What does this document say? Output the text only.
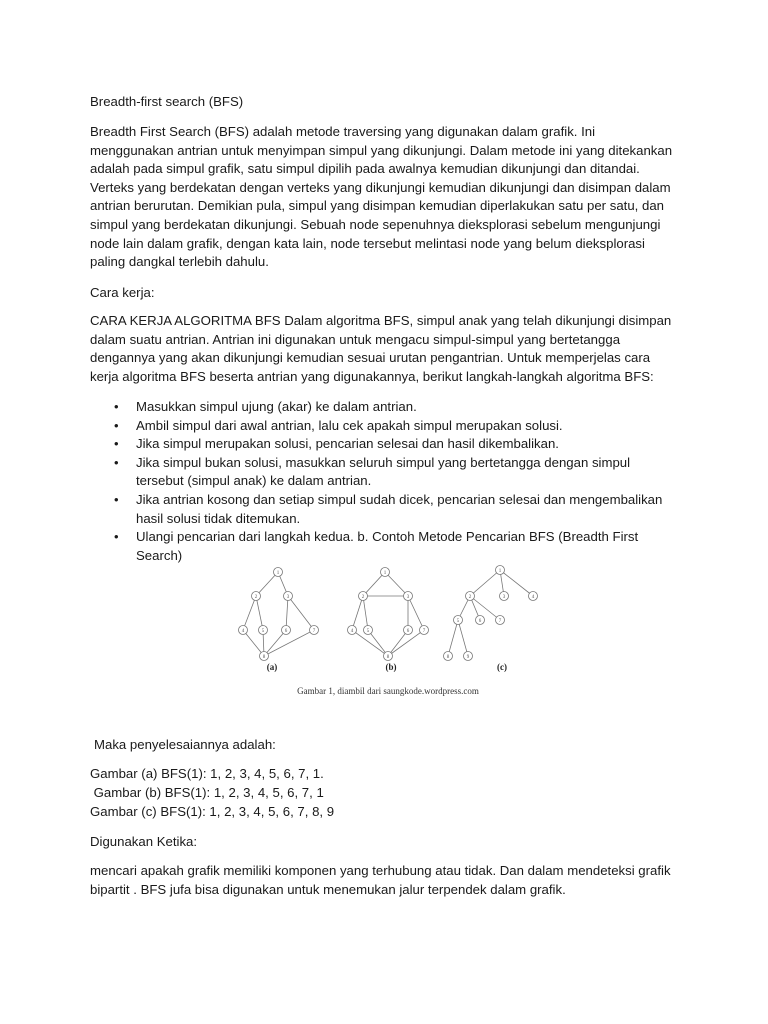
Breadth-first search (BFS)

Breadth First Search (BFS) adalah metode traversing yang digunakan dalam grafik. Ini menggunakan antrian untuk menyimpan simpul yang dikunjungi. Dalam metode ini yang ditekankan adalah pada simpul grafik, satu simpul dipilih pada awalnya kemudian dikunjungi dan ditandai. Verteks yang berdekatan dengan verteks yang dikunjungi kemudian dikunjungi dan disimpan dalam antrian berurutan. Demikian pula, simpul yang disimpan kemudian diperlakukan satu per satu, dan simpul yang berdekatan dikunjungi. Sebuah node sepenuhnya dieksplorasi sebelum mengunjungi node lain dalam grafik, dengan kata lain, node tersebut melintasi node yang belum dieksplorasi paling dangkal terlebih dahulu.

Cara kerja:

CARA KERJA ALGORITMA BFS Dalam algoritma BFS, simpul anak yang telah dikunjungi disimpan dalam suatu antrian. Antrian ini digunakan untuk mengacu simpul-simpul yang bertetangga dengannya yang akan dikunjungi kemudian sesuai urutan pengantrian. Untuk memperjelas cara kerja algoritma BFS beserta antrian yang digunakannya, berikut langkah-langkah algoritma BFS:

• Masukkan simpul ujung (akar) ke dalam antrian.
• Ambil simpul dari awal antrian, lalu cek apakah simpul merupakan solusi.
• Jika simpul merupakan solusi, pencarian selesai dan hasil dikembalikan.
• Jika simpul bukan solusi, masukkan seluruh simpul yang bertetangga dengan simpul tersebut (simpul anak) ke dalam antrian.
• Jika antrian kosong dan setiap simpul sudah dicek, pencarian selesai dan mengembalikan hasil solusi tidak ditemukan.
• Ulangi pencarian dari langkah kedua. b. Contoh Metode Pencarian BFS (Breadth First Search)
1
2	3
4	5	6	7
8
1
2	3
4	5	6	7
8
1
2	3	4
5	6	7
8	9
(a)	(b)	(c)
Gambar 1, diambil dari saungkode.wordpress.com

Maka penyelesaiannya adalah:

Gambar (a) BFS(1): 1, 2, 3, 4, 5, 6, 7, 1.

Gambar (b) BFS(1): 1, 2, 3, 4, 5, 6, 7, 1

Gambar (c) BFS(1): 1, 2, 3, 4, 5, 6, 7, 8, 9

Digunakan Ketika:

mencari apakah grafik memiliki komponen yang terhubung atau tidak. Dan dalam mendeteksi grafik bipartit . BFS jufa bisa digunakan untuk menemukan jalur terpendek dalam grafik.
